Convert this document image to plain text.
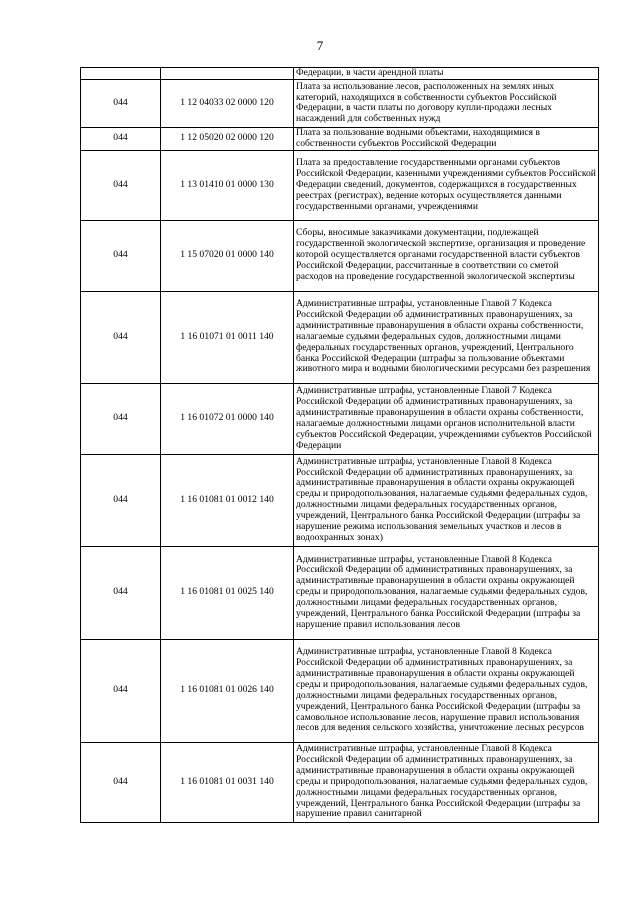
7
		Федерации, в части арендной платы
044	1 12 04033 02 0000 120	Плата за использование лесов, расположенных на землях иных категорий, находящихся в собственности субъектов Российской Федерации, в части платы по договору купли-продажи лесных насаждений для собственных нужд
044	1 12 05020 02 0000 120	Плата за пользование водными объектами, находящимися в собственности субъектов Российской Федерации
044	1 13 01410 01 0000 130	Плата за предоставление государственными органами субъектов Российской Федерации, казенными учреждениями субъектов Российской Федерации сведений, документов, содержащихся в государственных реестрах (регистрах), ведение которых осуществляется данными государственными органами, учреждениями
044	1 15 07020 01 0000 140	Сборы, вносимые заказчиками документации, подлежащей государственной экологической экспертизе, организация и проведение которой осуществляется органами государственной власти субъектов Российской Федерации, рассчитанные в соответствии со сметой расходов на проведение государственной экологической экспертизы
044	1 16 01071 01 0011 140	Административные штрафы, установленные Главой 7 Кодекса Российской Федерации об административных правонарушениях, за административные правонарушения в области охраны собственности, налагаемые судьями федеральных судов, должностными лицами федеральных государственных органов, учреждений, Центрального банка Российской Федерации (штрафы за пользование объектами животного мира и водными биологическими ресурсами без разрешения
044	1 16 01072 01 0000 140	Административные штрафы, установленные Главой 7 Кодекса Российской Федерации об административных правонарушениях, за административные правонарушения в области охраны собственности, налагаемые должностными лицами органов исполнительной власти субъектов Российской Федерации, учреждениями субъектов Российской Федерации
044	1 16 01081 01 0012 140	Административные штрафы, установленные Главой 8 Кодекса Российской Федерации об административных правонарушениях, за административные правонарушения в области охраны окружающей среды и природопользования, налагаемые судьями федеральных судов, должностными лицами федеральных государственных органов, учреждений, Центрального банка Российской Федерации (штрафы за нарушение режима использования земельных участков и лесов в водоохранных зонах)
044	1 16 01081 01 0025 140	Административные штрафы, установленные Главой 8 Кодекса Российской Федерации об административных правонарушениях, за административные правонарушения в области охраны окружающей среды и природопользования, налагаемые судьями федеральных судов, должностными лицами федеральных государственных органов, учреждений, Центрального банка Российской Федерации (штрафы за нарушение правил использования лесов
044	1 16 01081 01 0026 140	Административные штрафы, установленные Главой 8 Кодекса Российской Федерации об административных правонарушениях, за административные правонарушения в области охраны окружающей среды и природопользования, налагаемые судьями федеральных судов, должностными лицами федеральных государственных органов, учреждений, Центрального банка Российской Федерации (штрафы за самовольное использование лесов, нарушение правил использования лесов для ведения сельского хозяйства, уничтожение лесных ресурсов
044	1 16 01081 01 0031 140	Административные штрафы, установленные Главой 8 Кодекса Российской Федерации об административных правонарушениях, за административные правонарушения в области охраны окружающей среды и природопользования, налагаемые судьями федеральных судов, должностными лицами федеральных государственных органов, учреждений, Центрального банка Российской Федерации (штрафы за нарушение правил санитарной
